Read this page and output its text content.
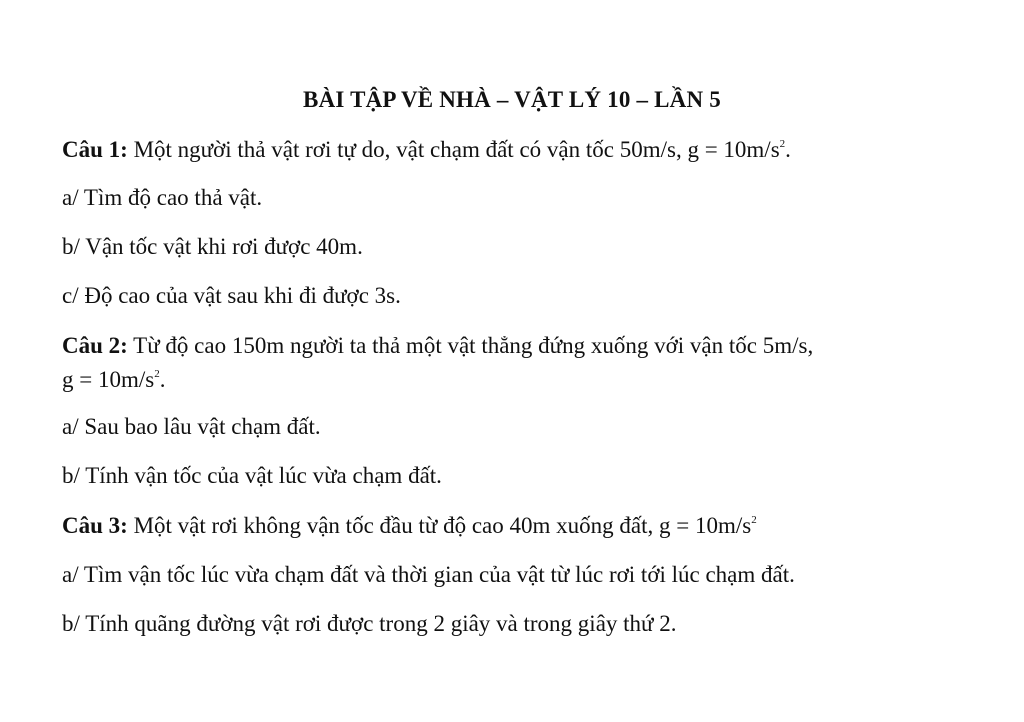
BÀI TẬP VỀ NHÀ – VẬT LÝ 10 – LẦN 5
Câu 1: Một người thả vật rơi tự do, vật chạm đất có vận tốc 50m/s, $g = 10m/s^2$.
a/ Tìm độ cao thả vật.
b/ Vận tốc vật khi rơi được 40m.
c/ Độ cao của vật sau khi đi được 3s.
Câu 2: Từ độ cao 150m người ta thả một vật thẳng đứng xuống với vận tốc 5m/s,
$g = 10m/s^2$.
a/ Sau bao lâu vật chạm đất.
b/ Tính vận tốc của vật lúc vừa chạm đất.
Câu 3: Một vật rơi không vận tốc đầu từ độ cao 40m xuống đất, $g = 10m/s^2$
a/ Tìm vận tốc lúc vừa chạm đất và thời gian của vật từ lúc rơi tới lúc chạm đất.
b/ Tính quãng đường vật rơi được trong 2 giây và trong giây thứ 2.
